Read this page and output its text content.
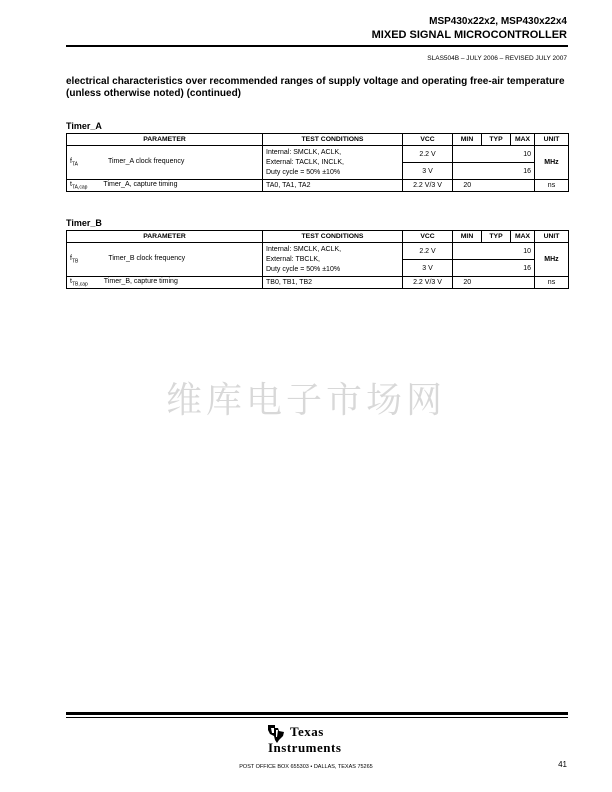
MSP430x22x2, MSP430x22x4
MIXED SIGNAL MICROCONTROLLER
SLAS504B – JULY 2006 – REVISED JULY 2007
electrical characteristics over recommended ranges of supply voltage and operating free-air temperature (unless otherwise noted) (continued)
Timer_A
PARAMETER	TEST CONDITIONS	VCC	MIN	TYP	MAX	UNIT
$f_{TA}$ Timer_A clock frequency	Internal: SMCLK, ACLK,
External: TACLK, INCLK,
Duty cycle = 50% ±10%	2.2 V			10	MHz
		3 V			16	
$t_{TA,cap}$ Timer_A, capture timing	TA0, TA1, TA2	2.2 V/3 V	20			ns
Timer_B
PARAMETER	TEST CONDITIONS	VCC	MIN	TYP	MAX	UNIT
$f_{TB}$ Timer_B clock frequency	Internal: SMCLK, ACLK,
External: TBCLK,
Duty cycle = 50% ±10%	2.2 V			10	MHz
		3 V			16	
$t_{TB,cap}$ Timer_B, capture timing	TB0, TB1, TB2	2.2 V/3 V	20			ns
维库电子市场网
Texas
Instruments
POST OFFICE BOX 655303 • DALLAS, TEXAS 75265	41
